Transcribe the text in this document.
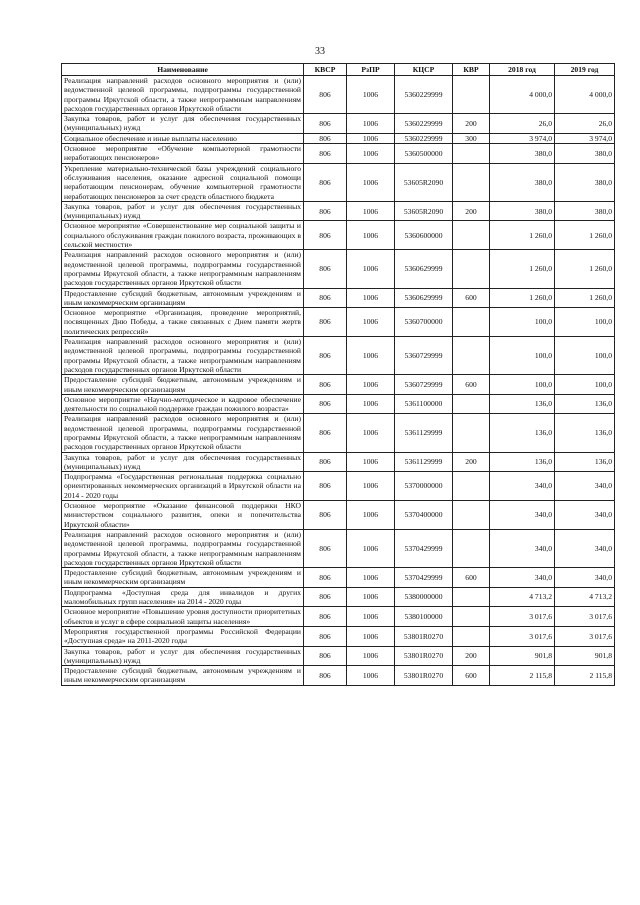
33
Наименование	КВСР	РзПР	КЦСР	КВР	2018 год	2019 год
Реализация направлений расходов основного мероприятия и (или) ведомственной целевой программы, подпрограммы государственной программы Иркутской области, а также непрограммным направлениям расходов государственных органов Иркутской области	806	1006	5360229999		4 000,0	4 000,0
Закупка товаров, работ и услуг для обеспечения государственных (муниципальных) нужд	806	1006	5360229999	200	26,0	26,0
Социальное обеспечение и иные выплаты населению	806	1006	5360229999	300	3 974,0	3 974,0
Основное мероприятие «Обучение компьютерной грамотности неработающих пенсионеров»	806	1006	5360500000		380,0	380,0
Укрепление материально-технической базы учреждений социального обслуживания населения, оказание адресной социальной помощи неработающим пенсионерам, обучение компьютерной грамотности неработающих пенсионеров за счет средств областного бюджета	806	1006	53605R2090		380,0	380,0
Закупка товаров, работ и услуг для обеспечения государственных (муниципальных) нужд	806	1006	53605R2090	200	380,0	380,0
Основное мероприятие «Совершенствование мер социальной защиты и социального обслуживания граждан пожилого возраста, проживающих в сельской местности»	806	1006	5360600000		1 260,0	1 260,0
Реализация направлений расходов основного мероприятия и (или) ведомственной целевой программы, подпрограммы государственной программы Иркутской области, а также непрограммным направлениям расходов государственных органов Иркутской области	806	1006	5360629999		1 260,0	1 260,0
Предоставление субсидий бюджетным, автономным учреждениям и иным некоммерческим организациям	806	1006	5360629999	600	1 260,0	1 260,0
Основное мероприятие «Организация, проведение мероприятий, посвященных Дню Победы, а также связанных с Днем памяти жертв политических репрессий»	806	1006	5360700000		100,0	100,0
Реализация направлений расходов основного мероприятия и (или) ведомственной целевой программы, подпрограммы государственной программы Иркутской области, а также непрограммным направлениям расходов государственных органов Иркутской области	806	1006	5360729999		100,0	100,0
Предоставление субсидий бюджетным, автономным учреждениям и иным некоммерческим организациям	806	1006	5360729999	600	100,0	100,0
Основное мероприятие «Научно-методическое и кадровое обеспечение деятельности по социальной поддержке граждан пожилого возраста»	806	1006	5361100000		136,0	136,0
Реализация направлений расходов основного мероприятия и (или) ведомственной целевой программы, подпрограммы государственной программы Иркутской области, а также непрограммным направлениям расходов государственных органов Иркутской области	806	1006	5361129999		136,0	136,0
Закупка товаров, работ и услуг для обеспечения государственных (муниципальных) нужд	806	1006	5361129999	200	136,0	136,0
Подпрограмма «Государственная региональная поддержка социально ориентированных некоммерческих организаций в Иркутской области на 2014 - 2020 годы	806	1006	5370000000		340,0	340,0
Основное мероприятие «Оказание финансовой поддержки НКО министерством социального развития, опеки и попечительства Иркутской области»	806	1006	5370400000		340,0	340,0
Реализация направлений расходов основного мероприятия и (или) ведомственной целевой программы, подпрограммы государственной программы Иркутской области, а также непрограммным направлениям расходов государственных органов Иркутской области	806	1006	5370429999		340,0	340,0
Предоставление субсидий бюджетным, автономным учреждениям и иным некоммерческим организациям	806	1006	5370429999	600	340,0	340,0
Подпрограмма «Доступная среда для инвалидов и других маломобильных групп населения» на 2014 - 2020 годы	806	1006	5380000000		4 713,2	4 713,2
Основное мероприятие «Повышение уровня доступности приоритетных объектов и услуг в сфере социальной защиты населения»	806	1006	5380100000		3 017,6	3 017,6
Мероприятия государственной программы Российской Федерации «Доступная среда» на 2011-2020 годы	806	1006	53801R0270		3 017,6	3 017,6
Закупка товаров, работ и услуг для обеспечения государственных (муниципальных) нужд	806	1006	53801R0270	200	901,8	901,8
Предоставление субсидий бюджетным, автономным учреждениям и иным некоммерческим организациям	806	1006	53801R0270	600	2 115,8	2 115,8
